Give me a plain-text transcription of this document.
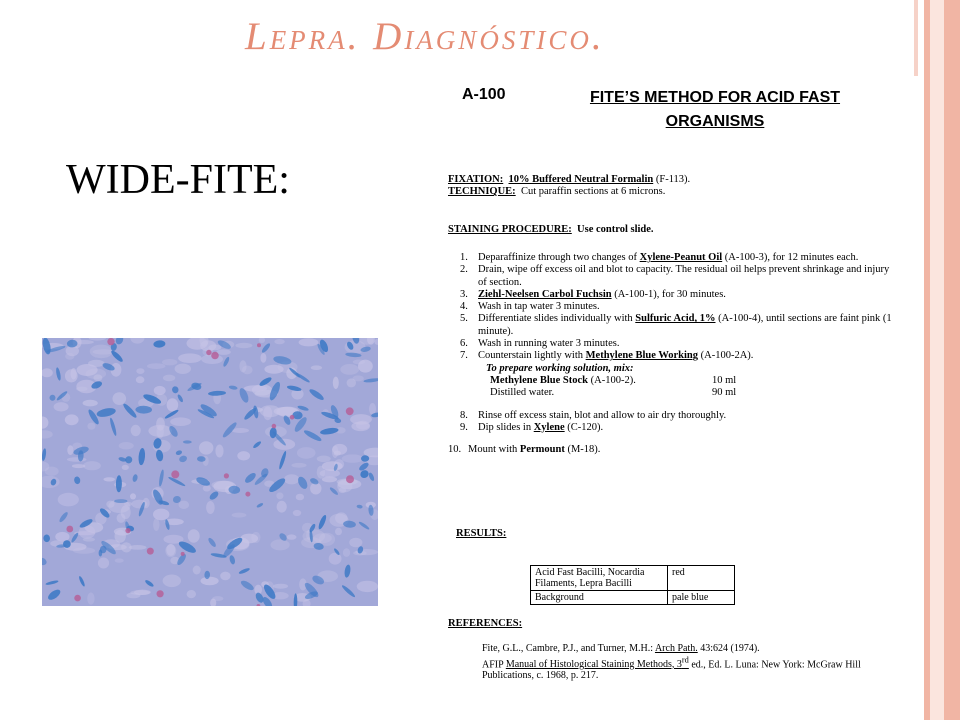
Lepra. Diagnóstico.
WIDE-FITE:
A-100	FITE’S METHOD FOR ACID FAST ORGANISMS
FIXATION: 10% Buffered Neutral Formalin (F-113).
TECHNIQUE: Cut paraffin sections at 6 microns.
STAINING PROCEDURE: Use control slide.
1. Deparaffinize through two changes of Xylene-Peanut Oil (A-100-3), for 12 minutes each.
2. Drain, wipe off excess oil and blot to capacity. The residual oil helps prevent shrinkage and injury of section.
3. Ziehl-Neelsen Carbol Fuchsin (A-100-1), for 30 minutes.
4. Wash in tap water 3 minutes.
5. Differentiate slides individually with Sulfuric Acid, 1% (A-100-4), until sections are faint pink (1 minute).
6. Wash in running water 3 minutes.
7. Counterstain lightly with Methylene Blue Working (A-100-2A).
To prepare working solution, mix:
Methylene Blue Stock (A-100-2).	10 ml
Distilled water.	90 ml
8. Rinse off excess stain, blot and allow to air dry thoroughly.
9. Dip slides in Xylene (C-120).
10. Mount with Permount (M-18).
RESULTS:
Acid Fast Bacilli, Nocardia Filaments, Lepra Bacilli	red
Background	pale blue
REFERENCES:
Fite, G.L., Cambre, P.J., and Turner, M.H.: Arch Path. 43:624 (1974).
AFIP Manual of Histological Staining Methods, 3rd ed., Ed. L. Luna: New York: McGraw Hill Publications, c. 1968, p. 217.
